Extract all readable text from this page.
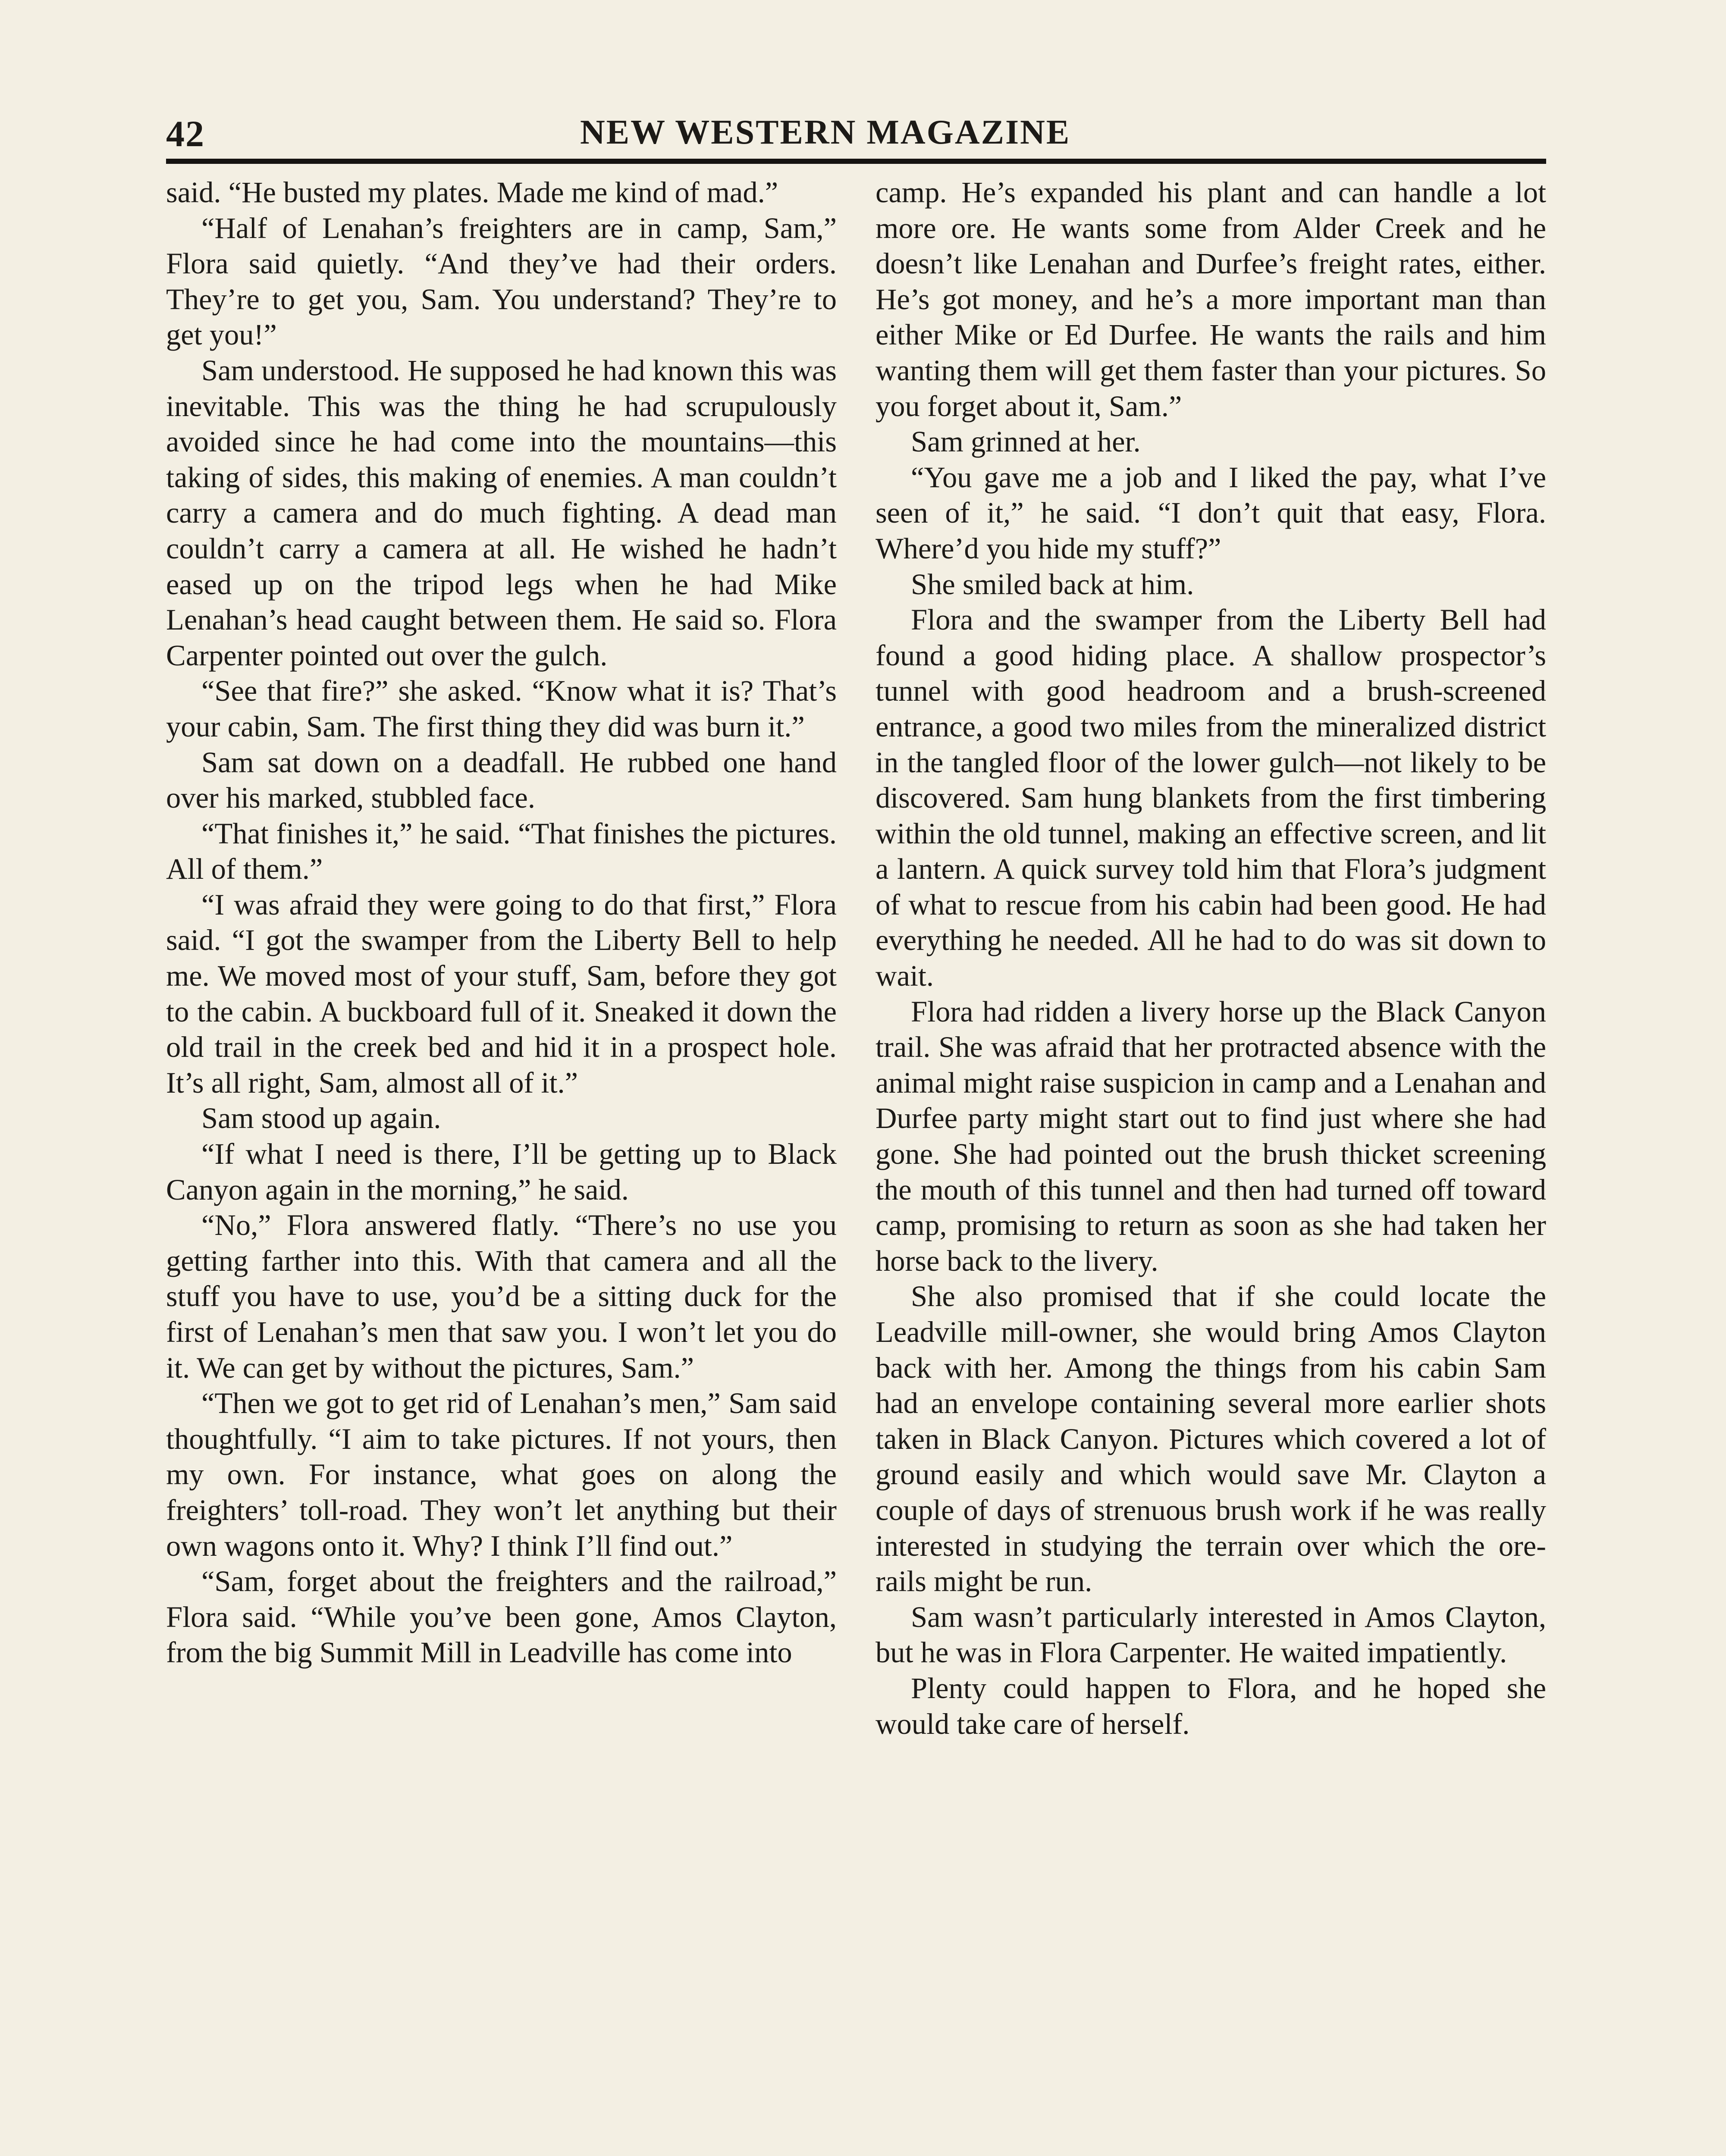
42	NEW WESTERN MAGAZINE

said. “He busted my plates. Made me kind of mad.”

“Half of Lenahan’s freighters are in camp, Sam,” Flora said quietly. “And they’ve had their orders. They’re to get you, Sam. You understand? They’re to get you!”

Sam understood. He supposed he had known this was inevitable. This was the thing he had scrupulously avoided since he had come into the mountains—this taking of sides, this making of enemies. A man couldn’t carry a camera and do much fighting. A dead man couldn’t carry a camera at all. He wished he hadn’t eased up on the tripod legs when he had Mike Lenahan’s head caught between them. He said so. Flora Carpenter pointed out over the gulch.

“See that fire?” she asked. “Know what it is? That’s your cabin, Sam. The first thing they did was burn it.”

Sam sat down on a deadfall. He rubbed one hand over his marked, stubbled face.

“That finishes it,” he said. “That finishes the pictures. All of them.”

“I was afraid they were going to do that first,” Flora said. “I got the swamper from the Liberty Bell to help me. We moved most of your stuff, Sam, before they got to the cabin. A buckboard full of it. Sneaked it down the old trail in the creek bed and hid it in a prospect hole. It’s all right, Sam, almost all of it.”

Sam stood up again.

“If what I need is there, I’ll be getting up to Black Canyon again in the morning,” he said.

“No,” Flora answered flatly. “There’s no use you getting farther into this. With that camera and all the stuff you have to use, you’d be a sitting duck for the first of Lenahan’s men that saw you. I won’t let you do it. We can get by without the pictures, Sam.”

“Then we got to get rid of Lenahan’s men,” Sam said thoughtfully. “I aim to take pictures. If not yours, then my own. For instance, what goes on along the freighters’ toll-road. They won’t let anything but their own wagons onto it. Why? I think I’ll find out.”

“Sam, forget about the freighters and the railroad,” Flora said. “While you’ve been gone, Amos Clayton, from the big Summit Mill in Leadville has come into

camp. He’s expanded his plant and can handle a lot more ore. He wants some from Alder Creek and he doesn’t like Lenahan and Durfee’s freight rates, either. He’s got money, and he’s a more important man than either Mike or Ed Durfee. He wants the rails and him wanting them will get them faster than your pictures. So you forget about it, Sam.”

Sam grinned at her.

“You gave me a job and I liked the pay, what I’ve seen of it,” he said. “I don’t quit that easy, Flora. Where’d you hide my stuff?”

She smiled back at him.

Flora and the swamper from the Liberty Bell had found a good hiding place. A shallow prospector’s tunnel with good headroom and a brush-screened entrance, a good two miles from the mineralized district in the tangled floor of the lower gulch—not likely to be discovered. Sam hung blankets from the first timbering within the old tunnel, making an effective screen, and lit a lantern. A quick survey told him that Flora’s judgment of what to rescue from his cabin had been good. He had everything he needed. All he had to do was sit down to wait.

Flora had ridden a livery horse up the Black Canyon trail. She was afraid that her protracted absence with the animal might raise suspicion in camp and a Lenahan and Durfee party might start out to find just where she had gone. She had pointed out the brush thicket screening the mouth of this tunnel and then had turned off toward camp, promising to return as soon as she had taken her horse back to the livery.

She also promised that if she could locate the Leadville mill-owner, she would bring Amos Clayton back with her. Among the things from his cabin Sam had an envelope containing several more earlier shots taken in Black Canyon. Pictures which covered a lot of ground easily and which would save Mr. Clayton a couple of days of strenuous brush work if he was really interested in studying the terrain over which the ore-rails might be run.

Sam wasn’t particularly interested in Amos Clayton, but he was in Flora Carpenter. He waited impatiently.

Plenty could happen to Flora, and he hoped she would take care of herself.
